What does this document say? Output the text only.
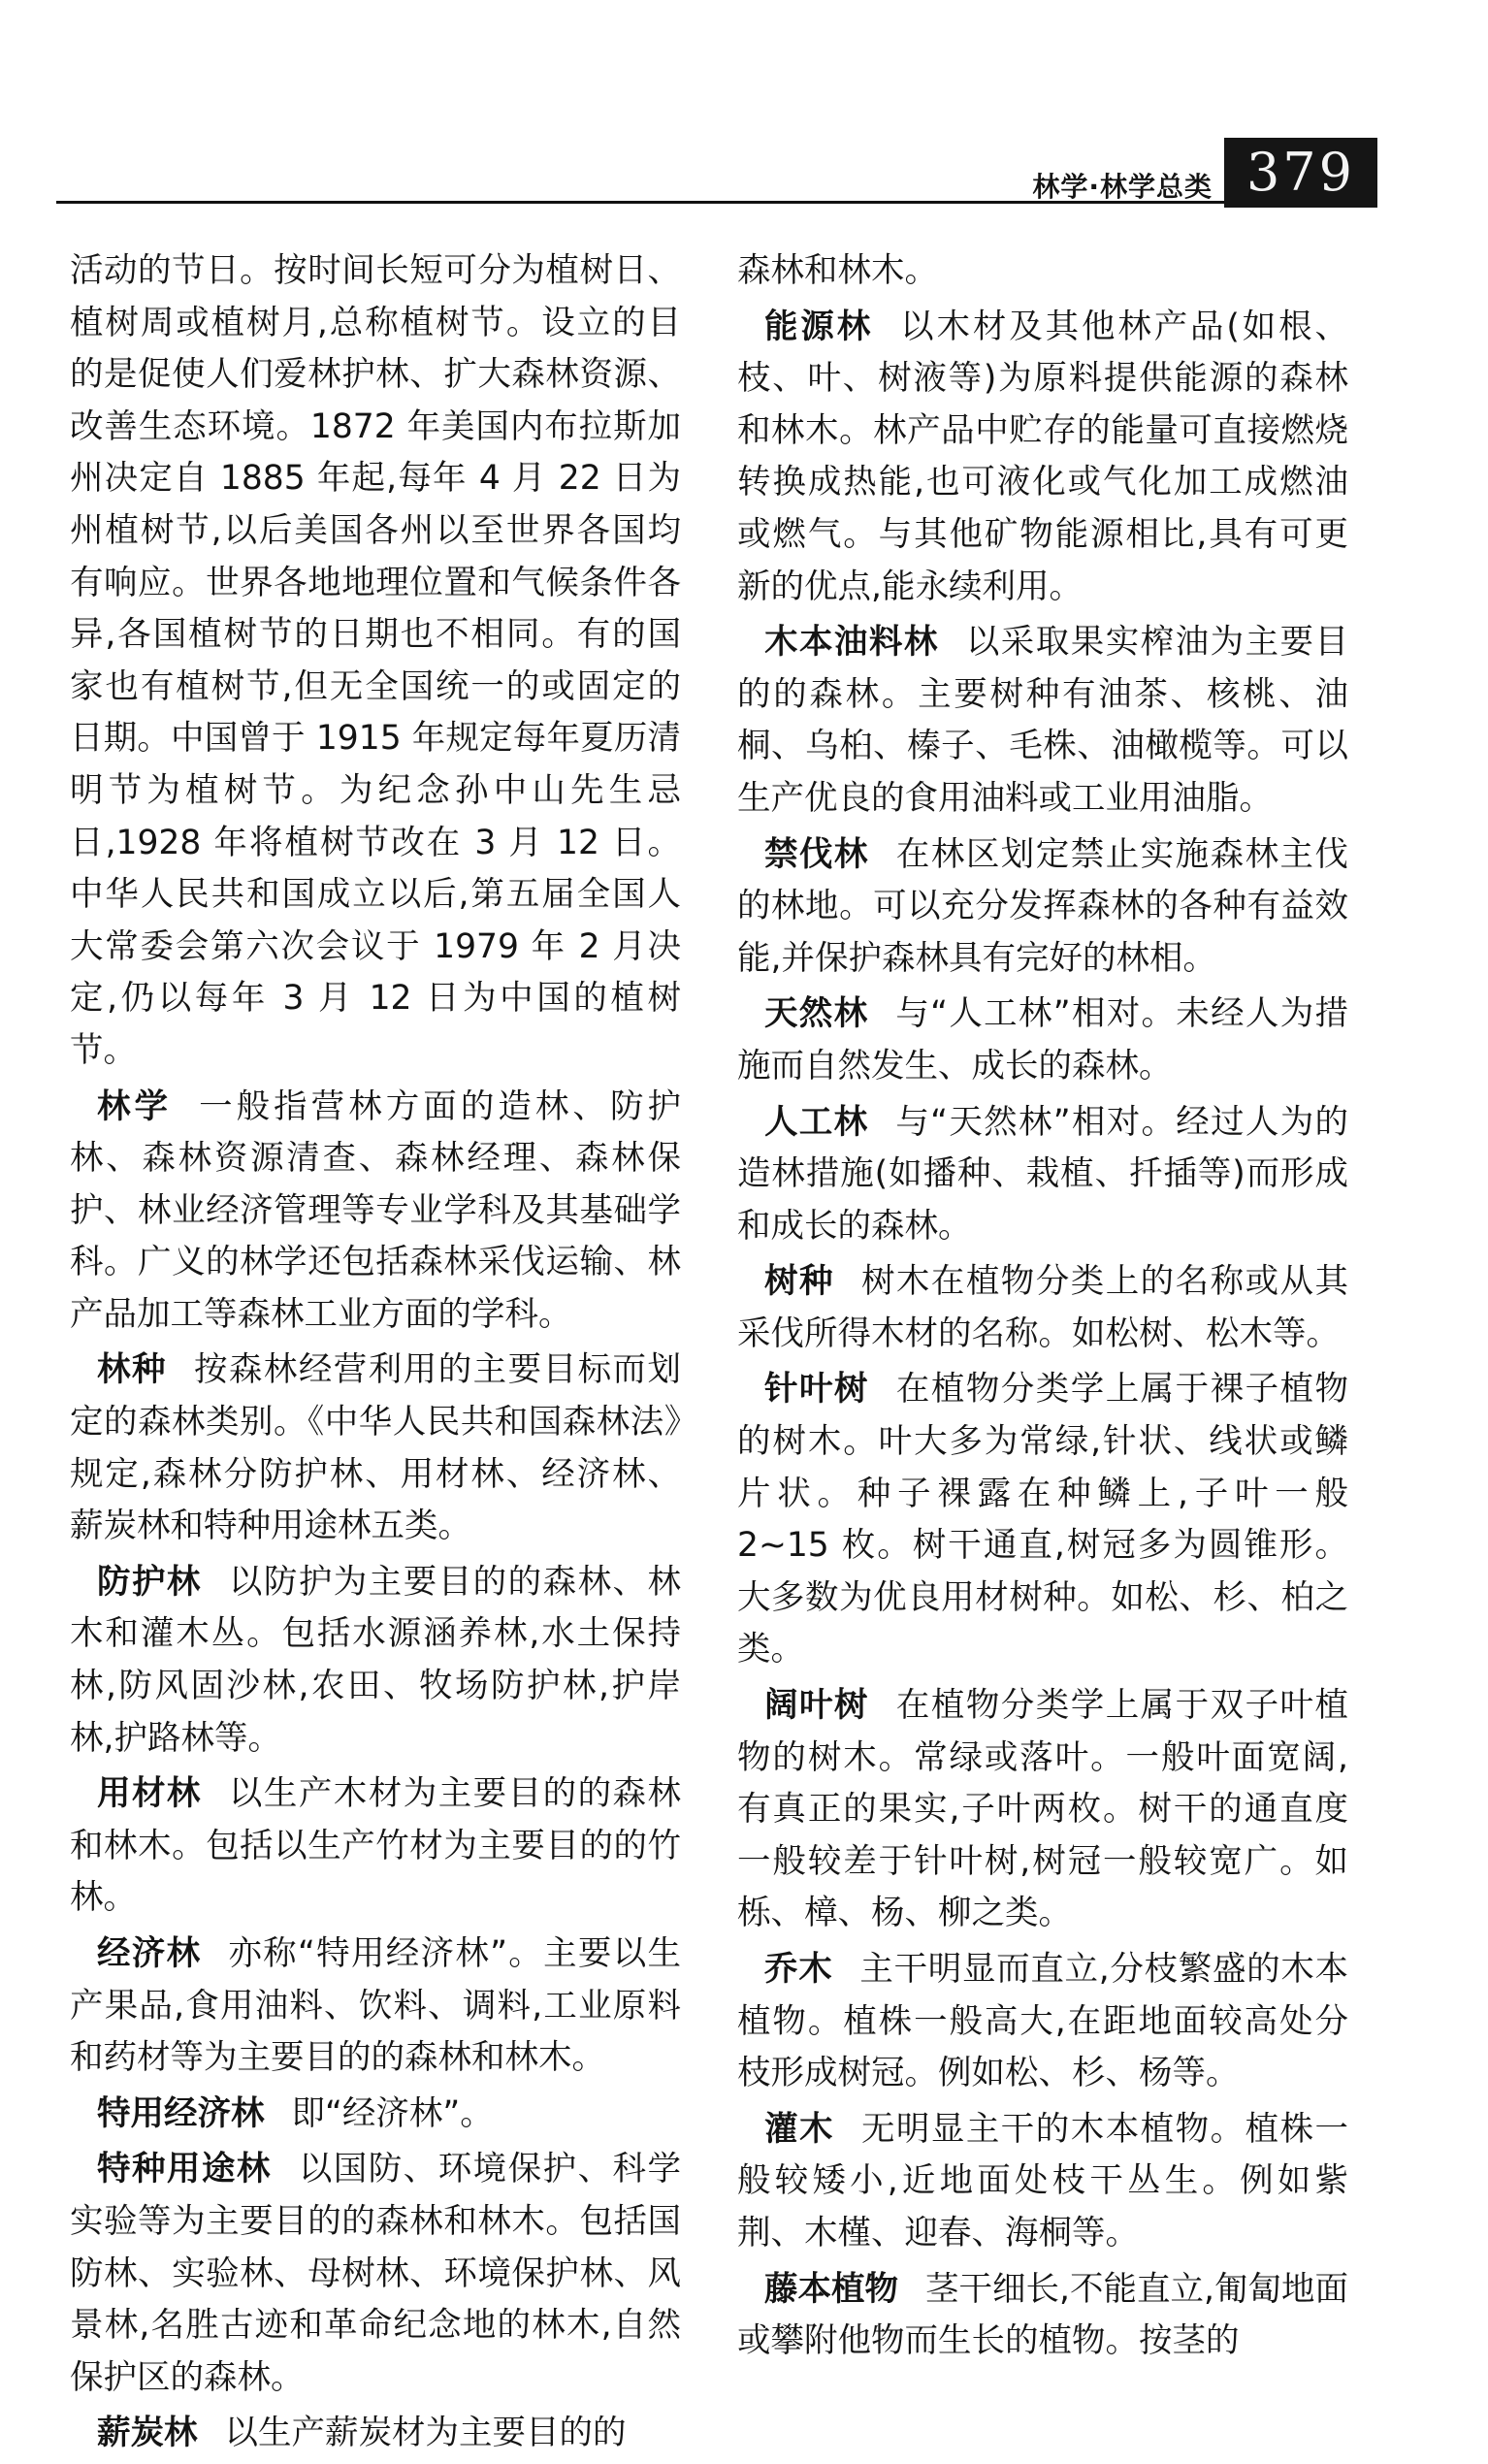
林学·林学总类 379

活动的节日。按时间长短可分为植树日、植树周或植树月,总称植树节。设立的目的是促使人们爱林护林、扩大森林资源、改善生态环境。1872 年美国内布拉斯加州决定自 1885 年起,每年 4 月 22 日为州植树节,以后美国各州以至世界各国均有响应。世界各地地理位置和气候条件各异,各国植树节的日期也不相同。有的国家也有植树节,但无全国统一的或固定的日期。中国曾于 1915 年规定每年夏历清明节为植树节。为纪念孙中山先生忌日,1928 年将植树节改在 3 月 12 日。中华人民共和国成立以后,第五届全国人大常委会第六次会议于 1979 年 2 月决定,仍以每年 3 月 12 日为中国的植树节。

林学 一般指营林方面的造林、防护林、森林资源清查、森林经理、森林保护、林业经济管理等专业学科及其基础学科。广义的林学还包括森林采伐运输、林产品加工等森林工业方面的学科。

林种 按森林经营利用的主要目标而划定的森林类别。《中华人民共和国森林法》规定,森林分防护林、用材林、经济林、薪炭林和特种用途林五类。

防护林 以防护为主要目的的森林、林木和灌木丛。包括水源涵养林,水土保持林,防风固沙林,农田、牧场防护林,护岸林,护路林等。

用材林 以生产木材为主要目的的森林和林木。包括以生产竹材为主要目的的竹林。

经济林 亦称“特用经济林”。主要以生产果品,食用油料、饮料、调料,工业原料和药材等为主要目的的森林和林木。

特用经济林 即“经济林”。

特种用途林 以国防、环境保护、科学实验等为主要目的的森林和林木。包括国防林、实验林、母树林、环境保护林、风景林,名胜古迹和革命纪念地的林木,自然保护区的森林。

薪炭林 以生产薪炭材为主要目的的

森林和林木。

能源林 以木材及其他林产品(如根、枝、叶、树液等)为原料提供能源的森林和林木。林产品中贮存的能量可直接燃烧转换成热能,也可液化或气化加工成燃油或燃气。与其他矿物能源相比,具有可更新的优点,能永续利用。

木本油料林 以采取果实榨油为主要目的的森林。主要树种有油茶、核桃、油桐、乌桕、榛子、毛株、油橄榄等。可以生产优良的食用油料或工业用油脂。

禁伐林 在林区划定禁止实施森林主伐的林地。可以充分发挥森林的各种有益效能,并保护森林具有完好的林相。

天然林 与“人工林”相对。未经人为措施而自然发生、成长的森林。

人工林 与“天然林”相对。经过人为的造林措施(如播种、栽植、扦插等)而形成和成长的森林。

树种 树木在植物分类上的名称或从其采伐所得木材的名称。如松树、松木等。

针叶树 在植物分类学上属于裸子植物的树木。叶大多为常绿,针状、线状或鳞片状。种子裸露在种鳞上,子叶一般 2~15 枚。树干通直,树冠多为圆锥形。大多数为优良用材树种。如松、杉、柏之类。

阔叶树 在植物分类学上属于双子叶植物的树木。常绿或落叶。一般叶面宽阔,有真正的果实,子叶两枚。树干的通直度一般较差于针叶树,树冠一般较宽广。如栎、樟、杨、柳之类。

乔木 主干明显而直立,分枝繁盛的木本植物。植株一般高大,在距地面较高处分枝形成树冠。例如松、杉、杨等。

灌木 无明显主干的木本植物。植株一般较矮小,近地面处枝干丛生。例如紫荆、木槿、迎春、海桐等。

藤本植物 茎干细长,不能直立,匍匐地面或攀附他物而生长的植物。按茎的
